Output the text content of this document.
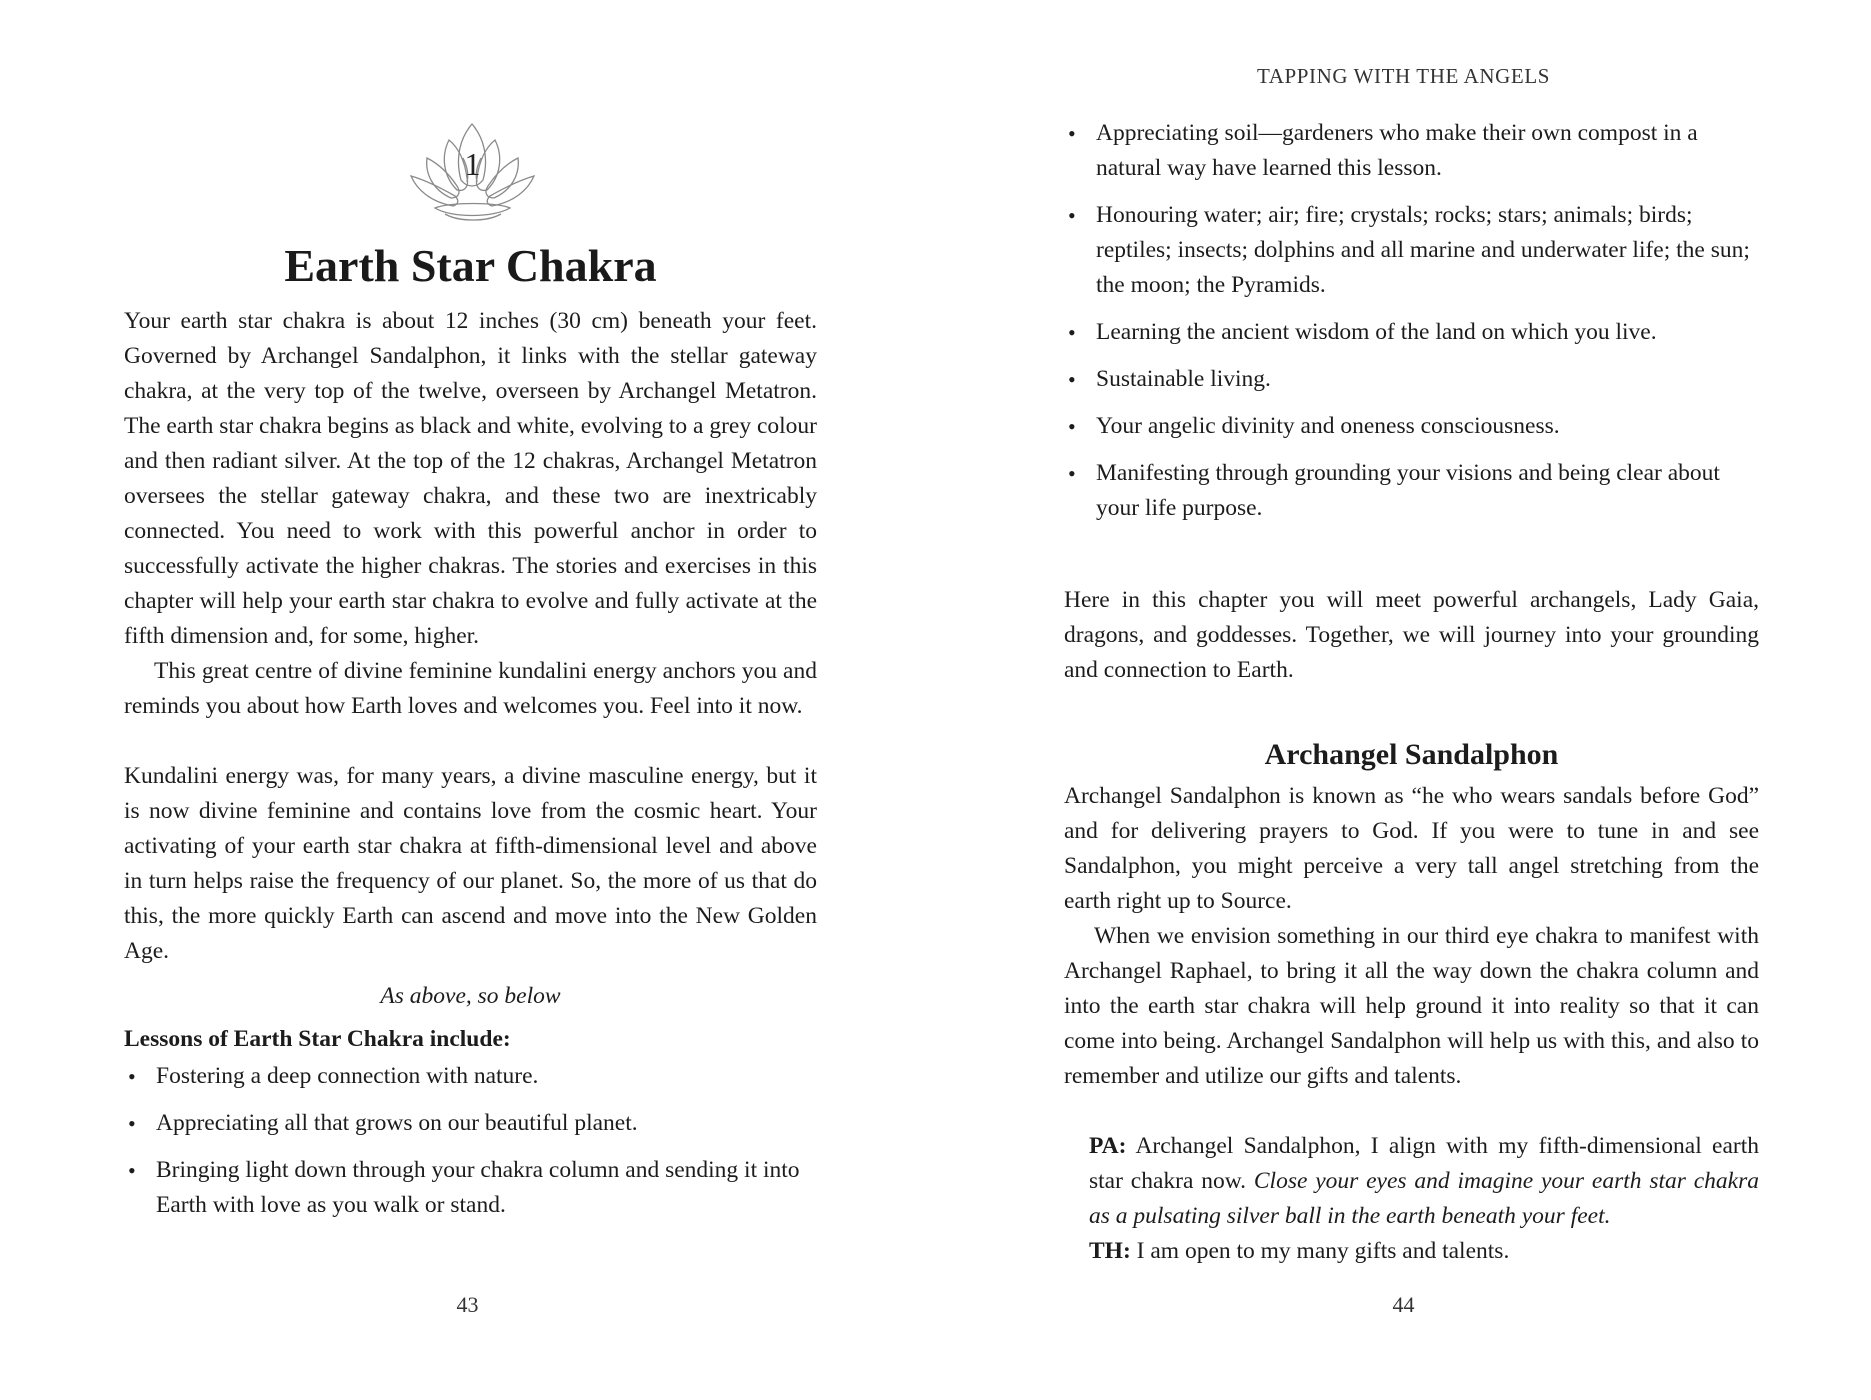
1
Earth Star Chakra

Your earth star chakra is about 12 inches (30 cm) beneath your feet. Governed by Archangel Sandalphon, it links with the stellar gateway chakra, at the very top of the twelve, overseen by Archangel Metatron. The earth star chakra begins as black and white, evolving to a grey colour and then radiant silver. At the top of the 12 chakras, Archangel Metatron oversees the stellar gateway chakra, and these two are inextricably connected. You need to work with this powerful anchor in order to successfully activate the higher chakras. The stories and exercises in this chapter will help your earth star chakra to evolve and fully activate at the fifth dimension and, for some, higher.

This great centre of divine feminine kundalini energy anchors you and reminds you about how Earth loves and welcomes you. Feel into it now.

Kundalini energy was, for many years, a divine masculine energy, but it is now divine feminine and contains love from the cosmic heart. Your activating of your earth star chakra at fifth-dimensional level and above in turn helps raise the frequency of our planet. So, the more of us that do this, the more quickly Earth can ascend and move into the New Golden Age.

As above, so below

Lessons of Earth Star Chakra include:

• Fostering a deep connection with nature.
• Appreciating all that grows on our beautiful planet.
• Bringing light down through your chakra column and sending it into Earth with love as you walk or stand.
43
TAPPING WITH THE ANGELS
• Appreciating soil—gardeners who make their own compost in a natural way have learned this lesson.
• Honouring water; air; fire; crystals; rocks; stars; animals; birds; reptiles; insects; dolphins and all marine and underwater life; the sun; the moon; the Pyramids.
• Learning the ancient wisdom of the land on which you live.
• Sustainable living.
• Your angelic divinity and oneness consciousness.
• Manifesting through grounding your visions and being clear about your life purpose.

Here in this chapter you will meet powerful archangels, Lady Gaia, dragons, and goddesses. Together, we will journey into your grounding and connection to Earth.

Archangel Sandalphon

Archangel Sandalphon is known as “he who wears sandals before God” and for delivering prayers to God. If you were to tune in and see Sandalphon, you might perceive a very tall angel stretching from the earth right up to Source.

When we envision something in our third eye chakra to manifest with Archangel Raphael, to bring it all the way down the chakra column and into the earth star chakra will help ground it into reality so that it can come into being. Archangel Sandalphon will help us with this, and also to remember and utilize our gifts and talents.

PA: Archangel Sandalphon, I align with my fifth-dimensional earth star chakra now. Close your eyes and imagine your earth star chakra as a pulsating silver ball in the earth beneath your feet.

TH: I am open to my many gifts and talents.

44
